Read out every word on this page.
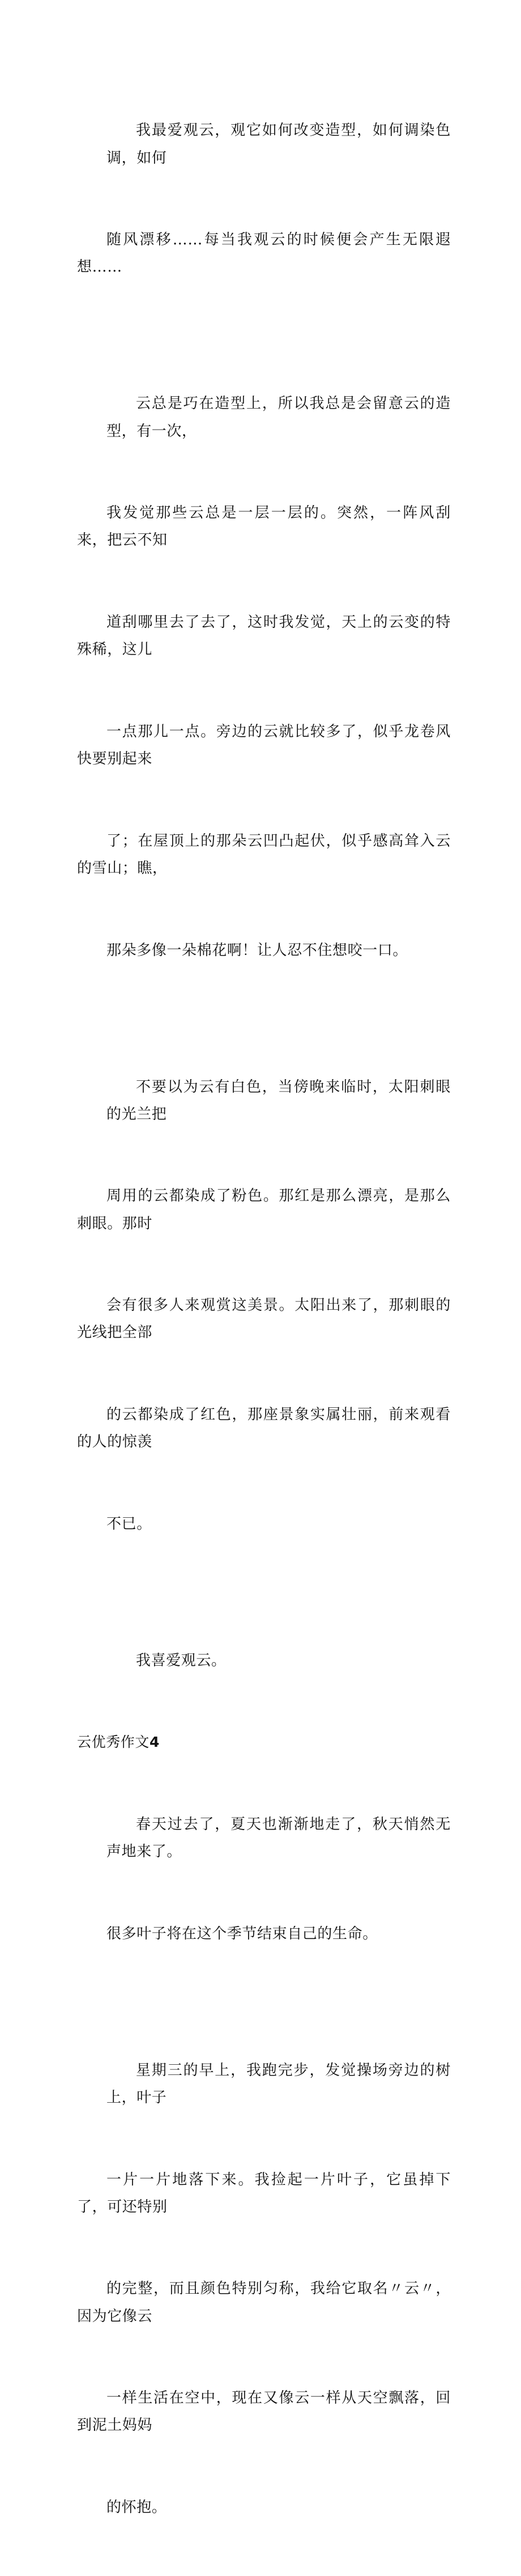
我最爱观云，观它如何改变造型，如何调染色调，如何

随风漂移……每当我观云的时候便会产生无限遐想……

云总是巧在造型上，所以我总是会留意云的造型，有一次，

我发觉那些云总是一层一层的。突然，一阵风刮来，把云不知

道刮哪里去了去了，这时我发觉，天上的云变的特殊稀，这儿

一点那儿一点。旁边的云就比较多了，似乎龙卷风快要别起来

了；在屋顶上的那朵云凹凸起伏，似乎感高耸入云的雪山；瞧，

那朵多像一朵棉花啊！让人忍不住想咬一口。

不要以为云有白色，当傍晚来临时，太阳刺眼的光兰把

周用的云都染成了粉色。那红是那么漂亮，是那么刺眼。那时

会有很多人来观赏这美景。太阳出来了，那刺眼的光线把全部

的云都染成了红色，那座景象实属壮丽，前来观看的人的惊羡

不已。

我喜爱观云。

云优秀作文4

春天过去了，夏天也渐渐地走了，秋天悄然无声地来了。

很多叶子将在这个季节结束自己的生命。

星期三的早上，我跑完步，发觉操场旁边的树上，叶子

一片一片地落下来。我捡起一片叶子，它虽掉下了，可还特别

的完整，而且颜色特别匀称，我给它取名〃云〃，因为它像云

一样生活在空中，现在又像云一样从天空飘落，回到泥土妈妈

的怀抱。
